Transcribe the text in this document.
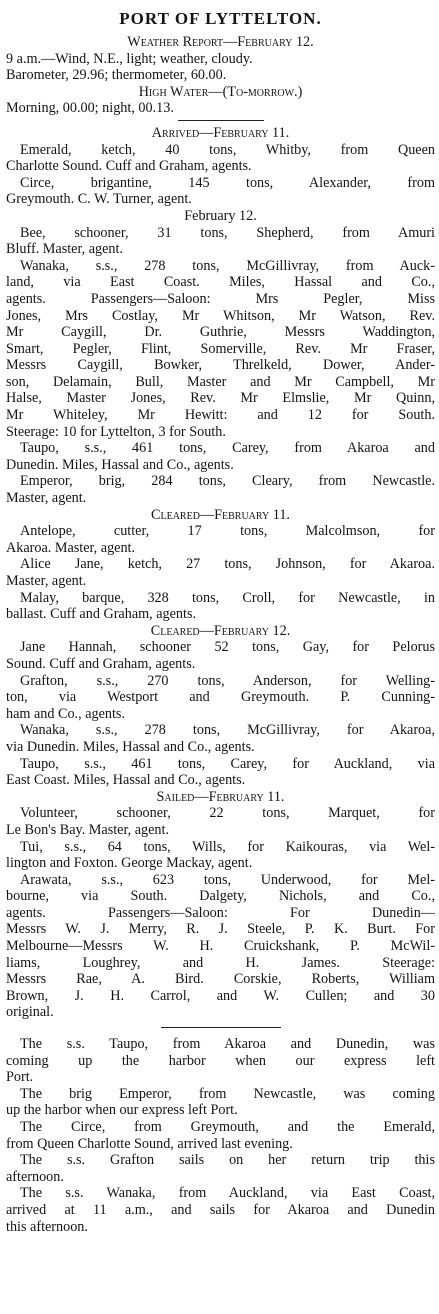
PORT OF LYTTELTON.
Weather Report—February 12.
9 a.m.—Wind, N.E., light; weather, cloudy.
Barometer, 29.96; thermometer, 60.00.
High Water—(To-morrow.)
Morning, 00.00; night, 00.13.
Arrived—February 11.
Emerald, ketch, 40 tons, Whitby, from Queen
Charlotte Sound. Cuff and Graham, agents.
Circe, brigantine, 145 tons, Alexander, from
Greymouth. C. W. Turner, agent.
February 12.
Bee, schooner, 31 tons, Shepherd, from Amuri
Bluff. Master, agent.
Wanaka, s.s., 278 tons, McGillivray, from Auck-
land, via East Coast. Miles, Hassal and Co.,
agents. Passengers—Saloon: Mrs Pegler, Miss
Jones, Mrs Costlay, Mr Whitson, Mr Watson, Rev.
Mr Caygill, Dr. Guthrie, Messrs Waddington,
Smart, Pegler, Flint, Somerville, Rev. Mr Fraser,
Messrs Caygill, Bowker, Threlkeld, Dower, Ander-
son, Delamain, Bull, Master and Mr Campbell, Mr
Halse, Master Jones, Rev. Mr Elmslie, Mr Quinn,
Mr Whiteley, Mr Hewitt: and 12 for South.
Steerage: 10 for Lyttelton, 3 for South.
Taupo, s.s., 461 tons, Carey, from Akaroa and
Dunedin. Miles, Hassal and Co., agents.
Emperor, brig, 284 tons, Cleary, from Newcastle.
Master, agent.
Cleared—February 11.
Antelope, cutter, 17 tons, Malcolmson, for
Akaroa. Master, agent.
Alice Jane, ketch, 27 tons, Johnson, for Akaroa.
Master, agent.
Malay, barque, 328 tons, Croll, for Newcastle, in
ballast. Cuff and Graham, agents.
Cleared—February 12.
Jane Hannah, schooner 52 tons, Gay, for Pelorus
Sound. Cuff and Graham, agents.
Grafton, s.s., 270 tons, Anderson, for Welling-
ton, via Westport and Greymouth. P. Cunning-
ham and Co., agents.
Wanaka, s.s., 278 tons, McGillivray, for Akaroa,
via Dunedin. Miles, Hassal and Co., agents.
Taupo, s.s., 461 tons, Carey, for Auckland, via
East Coast. Miles, Hassal and Co., agents.
Sailed—February 11.
Volunteer, schooner, 22 tons, Marquet, for
Le Bon's Bay. Master, agent.
Tui, s.s., 64 tons, Wills, for Kaikouras, via Wel-
lington and Foxton. George Mackay, agent.
Arawata, s.s., 623 tons, Underwood, for Mel-
bourne, via South. Dalgety, Nichols, and Co.,
agents. Passengers—Saloon: For Dunedin—
Messrs W. J. Merry, R. J. Steele, P. K. Burt. For
Melbourne—Messrs W. H. Cruickshank, P. McWil-
liams, Loughrey, and H. James. Steerage:
Messrs Rae, A. Bird. Corskie, Roberts, William
Brown, J. H. Carrol, and W. Cullen; and 30
original.
The s.s. Taupo, from Akaroa and Dunedin, was
coming up the harbor when our express left
Port.
The brig Emperor, from Newcastle, was coming
up the harbor when our express left Port.
The Circe, from Greymouth, and the Emerald,
from Queen Charlotte Sound, arrived last evening.
The s.s. Grafton sails on her return trip this
afternoon.
The s.s. Wanaka, from Auckland, via East Coast,
arrived at 11 a.m., and sails for Akaroa and Dunedin
this afternoon.
